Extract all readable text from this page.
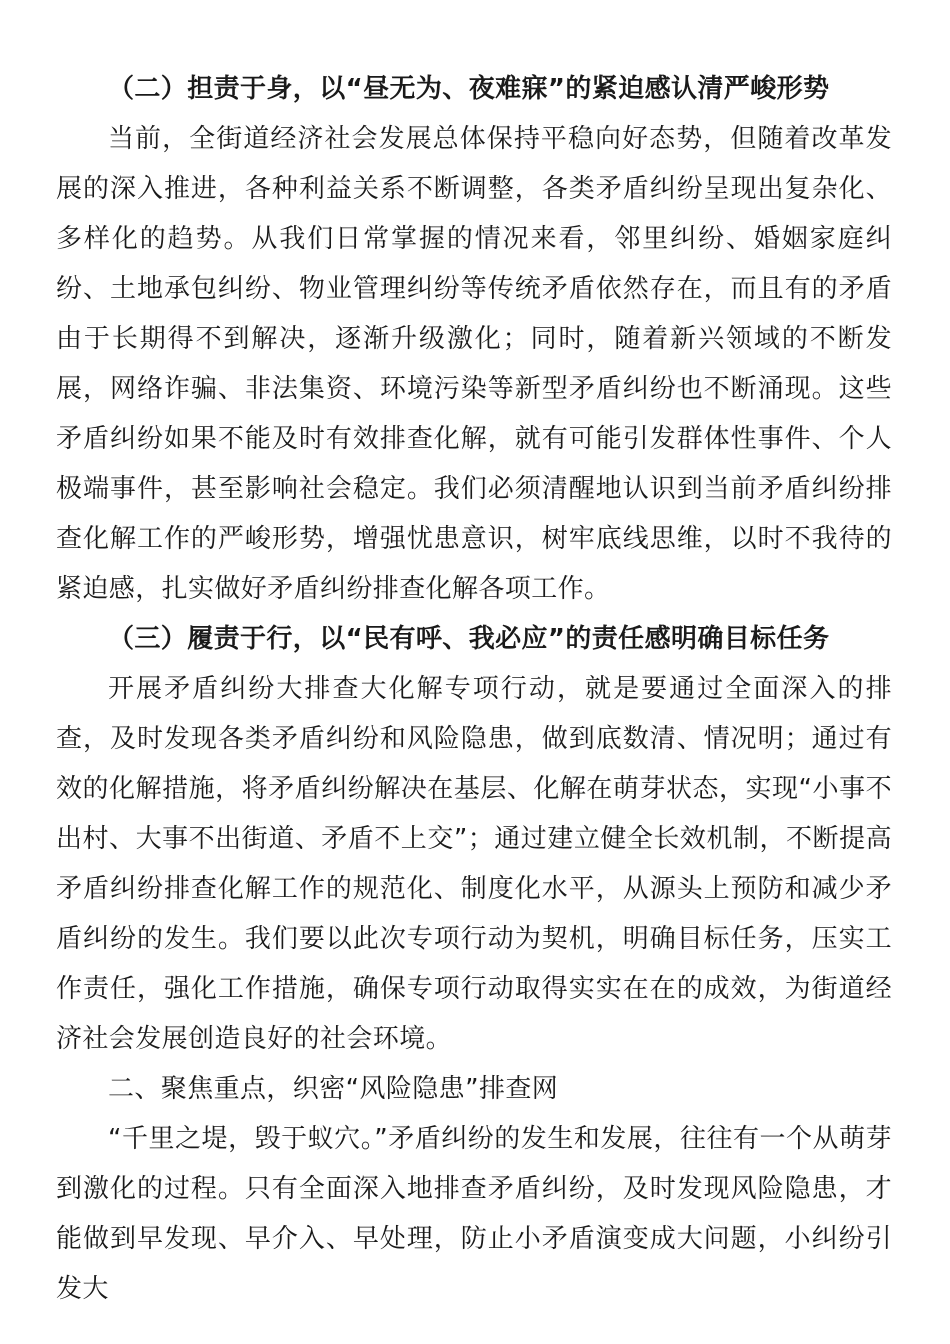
（二）担责于身，以“昼无为、夜难寐”的紧迫感认清严峻形势

当前，全街道经济社会发展总体保持平稳向好态势，但随着改革发展的深入推进，各种利益关系不断调整，各类矛盾纠纷呈现出复杂化、多样化的趋势。从我们日常掌握的情况来看，邻里纠纷、婚姻家庭纠纷、土地承包纠纷、物业管理纠纷等传统矛盾依然存在，而且有的矛盾由于长期得不到解决，逐渐升级激化；同时，随着新兴领域的不断发展，网络诈骗、非法集资、环境污染等新型矛盾纠纷也不断涌现。这些矛盾纠纷如果不能及时有效排查化解，就有可能引发群体性事件、个人极端事件，甚至影响社会稳定。我们必须清醒地认识到当前矛盾纠纷排查化解工作的严峻形势，增强忧患意识，树牢底线思维，以时不我待的紧迫感，扎实做好矛盾纠纷排查化解各项工作。

（三）履责于行，以“民有呼、我必应”的责任感明确目标任务

开展矛盾纠纷大排查大化解专项行动，就是要通过全面深入的排查，及时发现各类矛盾纠纷和风险隐患，做到底数清、情况明；通过有效的化解措施，将矛盾纠纷解决在基层、化解在萌芽状态，实现“小事不出村、大事不出街道、矛盾不上交”；通过建立健全长效机制，不断提高矛盾纠纷排查化解工作的规范化、制度化水平，从源头上预防和减少矛盾纠纷的发生。我们要以此次专项行动为契机，明确目标任务，压实工作责任，强化工作措施，确保专项行动取得实实在在的成效，为街道经济社会发展创造良好的社会环境。

二、聚焦重点，织密“风险隐患”排查网

“千里之堤，毁于蚁穴。”矛盾纠纷的发生和发展，往往有一个从萌芽到激化的过程。只有全面深入地排查矛盾纠纷，及时发现风险隐患，才能做到早发现、早介入、早处理，防止小矛盾演变成大问题，小纠纷引发大
